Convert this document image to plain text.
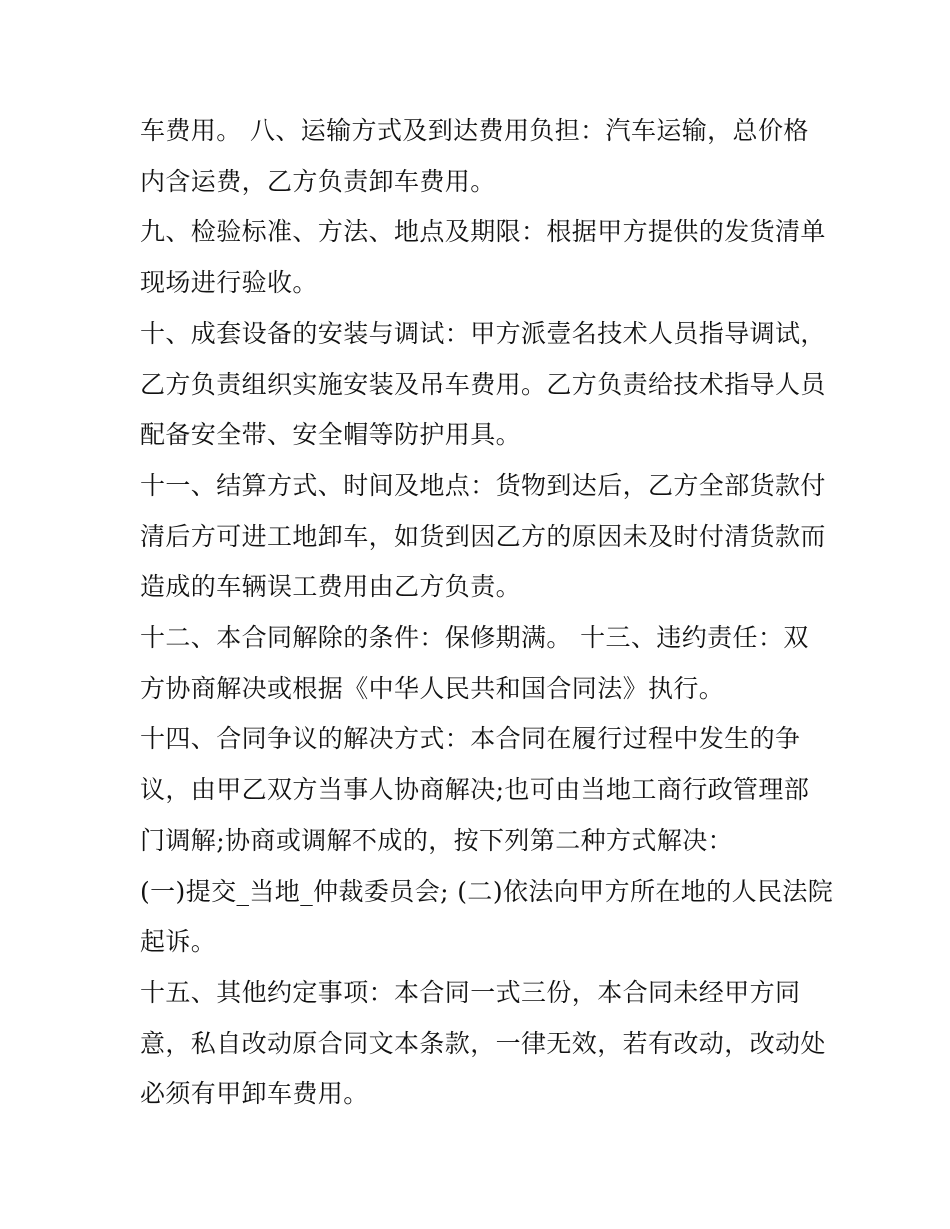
车费用。 八、运输方式及到达费用负担：汽车运输，总价格
内含运费，乙方负责卸车费用。

九、检验标准、方法、地点及期限：根据甲方提供的发货清单
现场进行验收。

十、成套设备的安装与调试：甲方派壹名技术人员指导调试，
乙方负责组织实施安装及吊车费用。乙方负责给技术指导人员
配备安全带、安全帽等防护用具。

十一、结算方式、时间及地点：货物到达后，乙方全部货款付
清后方可进工地卸车，如货到因乙方的原因未及时付清货款而
造成的车辆误工费用由乙方负责。

十二、本合同解除的条件：保修期满。 十三、违约责任：双
方协商解决或根据《中华人民共和国合同法》执行。

十四、合同争议的解决方式：本合同在履行过程中发生的争
议，由甲乙双方当事人协商解决;也可由当地工商行政管理部
门调解;协商或调解不成的，按下列第二种方式解决：

(一)提交_当地_仲裁委员会; (二)依法向甲方所在地的人民法院
起诉。

十五、其他约定事项：本合同一式三份，本合同未经甲方同
意，私自改动原合同文本条款，一律无效，若有改动，改动处
必须有甲卸车费用。
